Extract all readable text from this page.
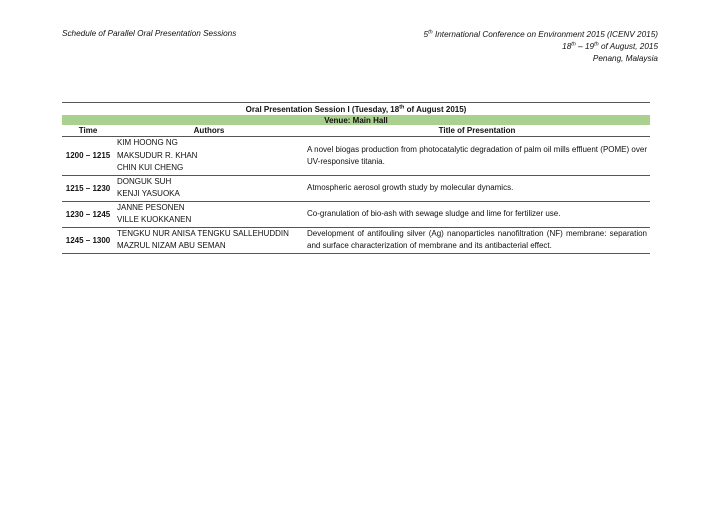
Schedule of Parallel Oral Presentation Sessions	5th International Conference on Environment 2015 (ICENV 2015)
18th – 19th of August, 2015
Penang, Malaysia
Oral Presentation Session I (Tuesday, 18th of August 2015)		
Venue: Main Hall		
Time	Authors	Title of Presentation
1200 – 1215	KIM HOONG NG
MAKSUDUR R. KHAN
CHIN KUI CHENG	A novel biogas production from photocatalytic degradation of palm oil mills effluent (POME) over UV-responsive titania.
1215 – 1230	DONGUK SUH
KENJI YASUOKA	Atmospheric aerosol growth study by molecular dynamics.
1230 – 1245	JANNE PESONEN
VILLE KUOKKANEN	Co-granulation of bio-ash with sewage sludge and lime for fertilizer use.
1245 – 1300	TENGKU NUR ANISA TENGKU SALLEHUDDIN
MAZRUL NIZAM ABU SEMAN	Development of antifouling silver (Ag) nanoparticles nanofiltration (NF) membrane: separation and surface characterization of membrane and its antibacterial effect.
